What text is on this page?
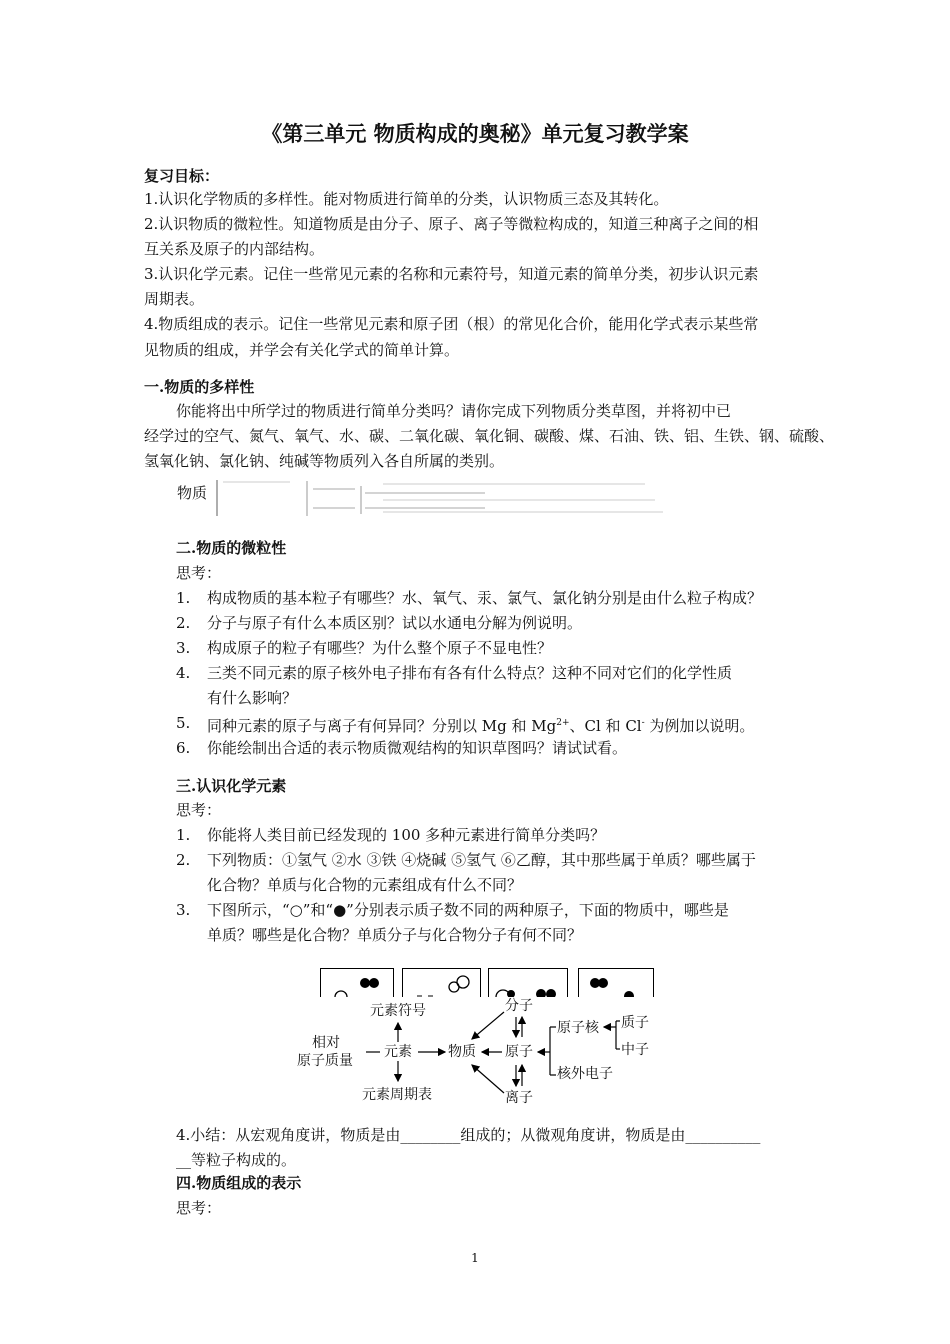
《第三单元 物质构成的奥秘》单元复习教学案
复习目标：
1.认识化学物质的多样性。能对物质进行简单的分类，认识物质三态及其转化。
2.认识物质的微粒性。知道物质是由分子、原子、离子等微粒构成的，知道三种离子之间的相
互关系及原子的内部结构。
3.认识化学元素。记住一些常见元素的名称和元素符号，知道元素的简单分类，初步认识元素
周期表。
4.物质组成的表示。记住一些常见元素和原子团（根）的常见化合价，能用化学式表示某些常
见物质的组成，并学会有关化学式的简单计算。
一.物质的多样性
你能将出中所学过的物质进行简单分类吗？请你完成下列物质分类草图，并将初中已
经学过的空气、氮气、氧气、水、碳、二氧化碳、氧化铜、碳酸、煤、石油、铁、铝、生铁、钢、硫酸、
氢氧化钠、氯化钠、纯碱等物质列入各自所属的类别。
物质
二.物质的微粒性
思考：
1. 构成物质的基本粒子有哪些？水、氧气、汞、氯气、氯化钠分别是由什么粒子构成？
2. 分子与原子有什么本质区别？试以水通电分解为例说明。
3. 构成原子的粒子有哪些？为什么整个原子不显电性？
4. 三类不同元素的原子核外电子排布有各有什么特点？这种不同对它们的化学性质
有什么影响？
5. 同种元素的原子与离子有何异同？分别以 Mg 和 $Mg^{2+}$、Cl 和 Cl- 为例加以说明。
6. 你能绘制出合适的表示物质微观结构的知识草图吗？请试试看。
三.认识化学元素
思考：
1. 你能将人类目前已经发现的 100 多种元素进行简单分类吗？
2. 下列物质：①氢气 ②水 ③铁 ④烧碱 ⑤氢气 ⑥乙醇，其中那些属于单质？哪些属于
化合物？单质与化合物的元素组成有什么不同？
3. 下图所示，“○”和“●”分别表示质子数不同的两种原子，下面的物质中，哪些是
单质？哪些是化合物？单质分子与化合物分子有何不同？
元素符号
相对
原子质量
元素	物质
分子
原子
离子
原子核 质子
中子
核外电子
元素周期表
4.小结：从宏观角度讲，物质是由________组成的；从微观角度讲，物质是由__________
__等粒子构成的。
四.物质组成的表示
思考：
1
